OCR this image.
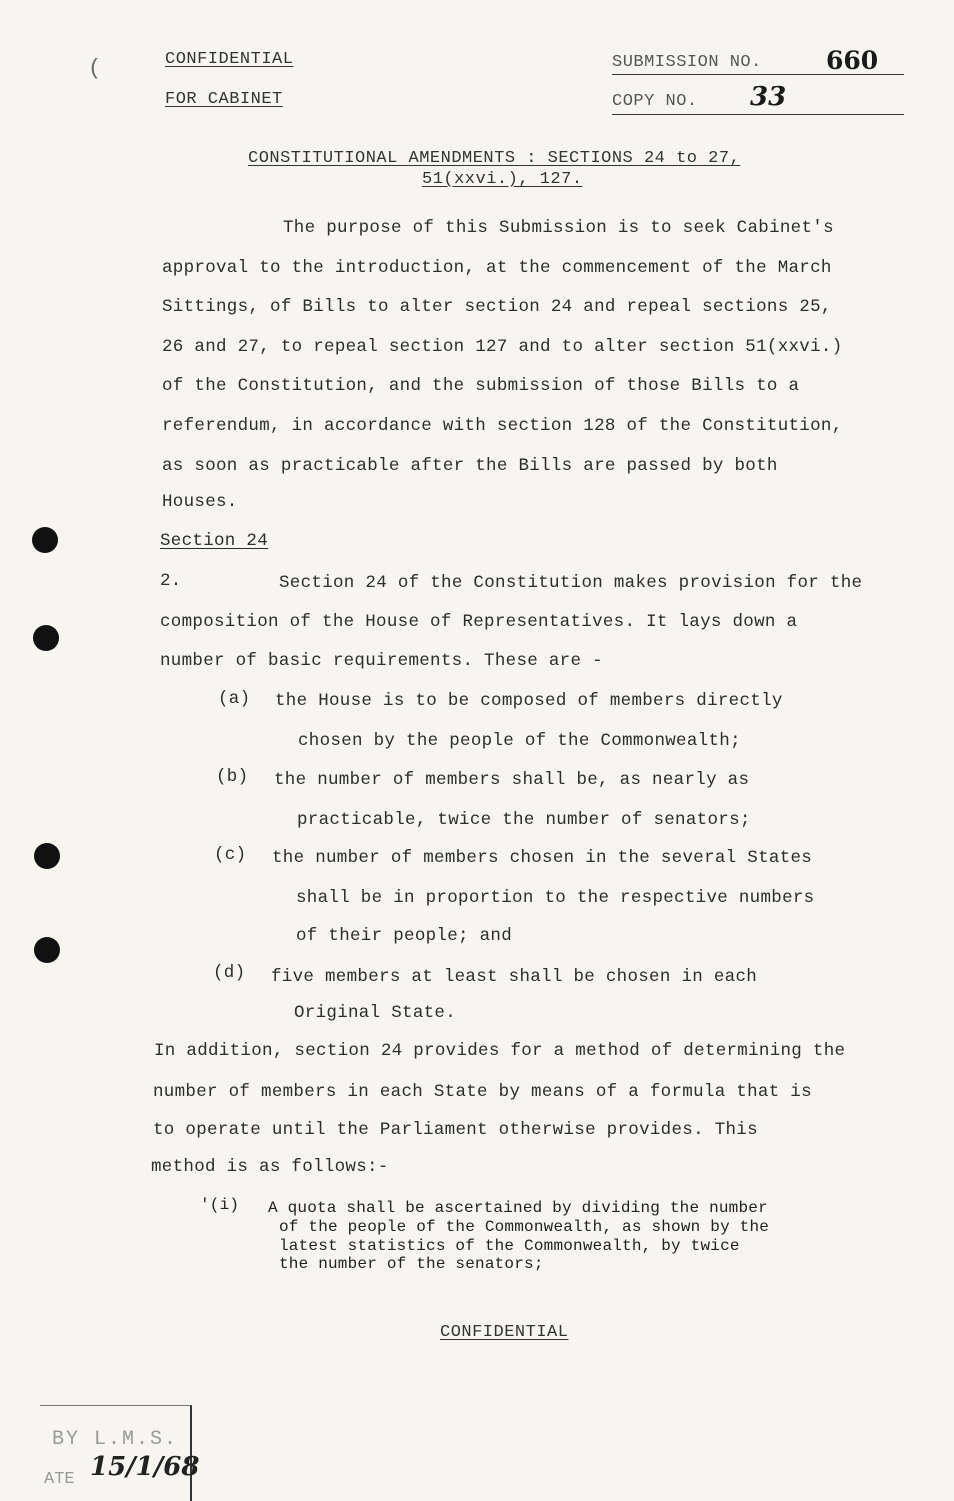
(	CONFIDENTIAL
FOR CABINET
SUBMISSION NO.	660
COPY NO. 33
CONSTITUTIONAL AMENDMENTS : SECTIONS 24 to 27,
51(xxvi.), 127.
The purpose of this Submission is to seek Cabinet's
approval to the introduction, at the commencement of the March
Sittings, of Bills to alter section 24 and repeal sections 25,
26 and 27, to repeal section 127 and to alter section 51(xxvi.)
of the Constitution, and the submission of those Bills to a
referendum, in accordance with section 128 of the Constitution,
as soon as practicable after the Bills are passed by both
Houses.
Section 24
2.	Section 24 of the Constitution makes provision for the
composition of the House of Representatives. It lays down a
number of basic requirements. These are -
(a) the House is to be composed of members directly
chosen by the people of the Commonwealth;
(b) the number of members shall be, as nearly as
practicable, twice the number of senators;
(c) the number of members chosen in the several States
shall be in proportion to the respective numbers
of their people; and
(d) five members at least shall be chosen in each
Original State.
In addition, section 24 provides for a method of determining the
number of members in each State by means of a formula that is
to operate until the Parliament otherwise provides. This
method is as follows:-
'(i) A quota shall be ascertained by dividing the number
of the people of the Commonwealth, as shown by the
latest statistics of the Commonwealth, by twice
the number of the senators;
CONFIDENTIAL
BY L.M.S.
ATE 15/1/68
